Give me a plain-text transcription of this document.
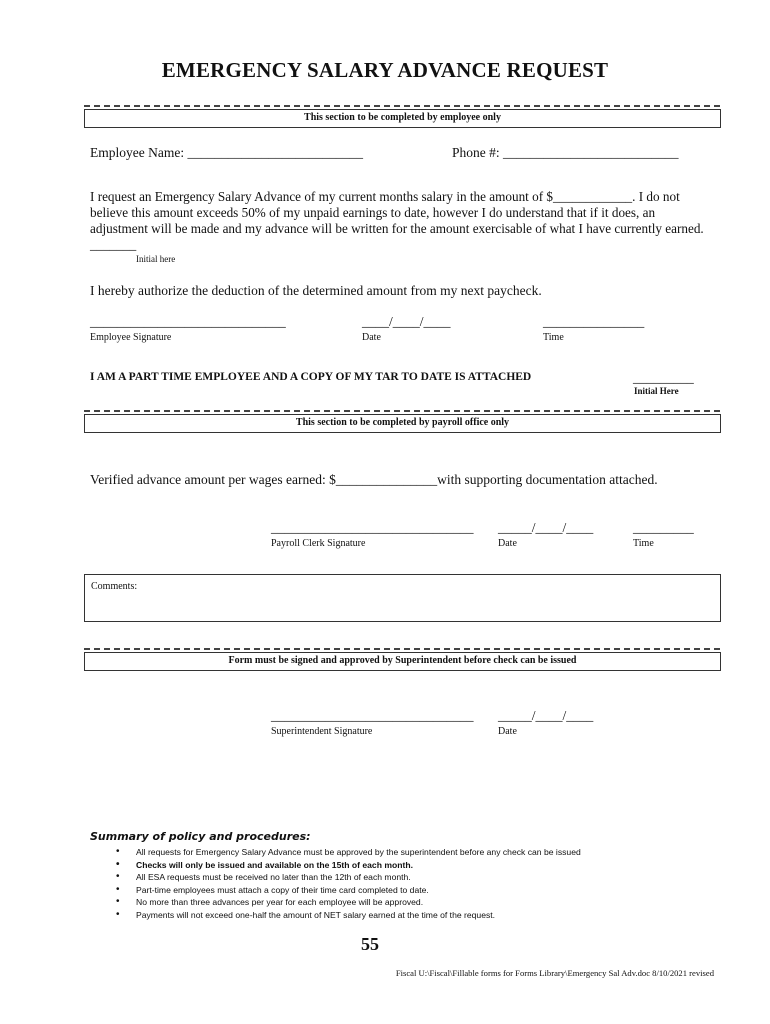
EMERGENCY SALARY ADVANCE REQUEST
This section to be completed by employee only
Employee Name: __________________________	Phone #: __________________________
I request an Emergency Salary Advance of my current months salary in the amount of $____________. I do not believe this amount exceeds 50% of my unpaid earnings to date, however I do understand that if it does, an adjustment will be made and my advance will be written for the amount exercisable of what I have currently earned. _______
Initial here
I hereby authorize the deduction of the determined amount from my next paycheck.
_____________________________
Employee Signature
____/____/____
Date
_______________
Time
I AM A PART TIME EMPLOYEE AND A COPY OF MY TAR TO DATE IS ATTACHED	_________
Initial Here
This section to be completed by payroll office only
Verified advance amount per wages earned: $_______________with supporting documentation attached.
______________________________
Payroll Clerk Signature
_____/____/____
Date
_________
Time
Comments:
Form must be signed and approved by Superintendent before check can be issued
______________________________
Superintendent Signature
_____/____/____
Date
Summary of policy and procedures:
• All requests for Emergency Salary Advance must be approved by the superintendent before any check can be issued
• Checks will only be issued and available on the 15th of each month.
• All ESA requests must be received no later than the 12th of each month.
• Part-time employees must attach a copy of their time card completed to date.
• No more than three advances per year for each employee will be approved.
• Payments will not exceed one-half the amount of NET salary earned at the time of the request.
55
Fiscal U:\Fiscal\Fillable forms for Forms Library\Emergency Sal Adv.doc 8/10/2021 revised
